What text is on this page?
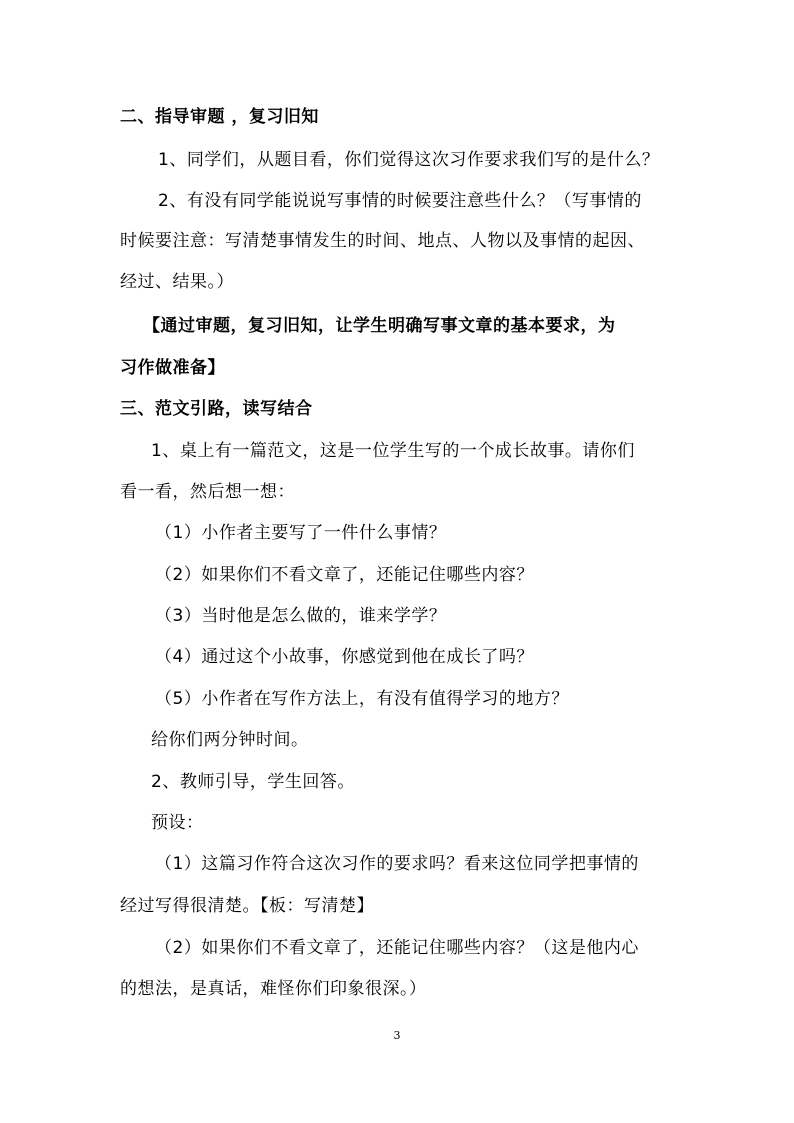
二、指导审题 ，复习旧知
1、同学们，从题目看，你们觉得这次习作要求我们写的是什么？
2、有没有同学能说说写事情的时候要注意些什么？（写事情的
时候要注意：写清楚事情发生的时间、地点、人物以及事情的起因、
经过、结果。）
【通过审题，复习旧知，让学生明确写事文章的基本要求，为
习作做准备】
三、范文引路，读写结合
1、桌上有一篇范文，这是一位学生写的一个成长故事。请你们
看一看，然后想一想：
（1）小作者主要写了一件什么事情？
（2）如果你们不看文章了，还能记住哪些内容？
（3）当时他是怎么做的，谁来学学？
（4）通过这个小故事，你感觉到他在成长了吗？
（5）小作者在写作方法上，有没有值得学习的地方？
给你们两分钟时间。
2、教师引导，学生回答。
预设：
（1）这篇习作符合这次习作的要求吗？看来这位同学把事情的
经过写得很清楚。【板：写清楚】
（2）如果你们不看文章了，还能记住哪些内容？（这是他内心
的想法，是真话，难怪你们印象很深。）
3
